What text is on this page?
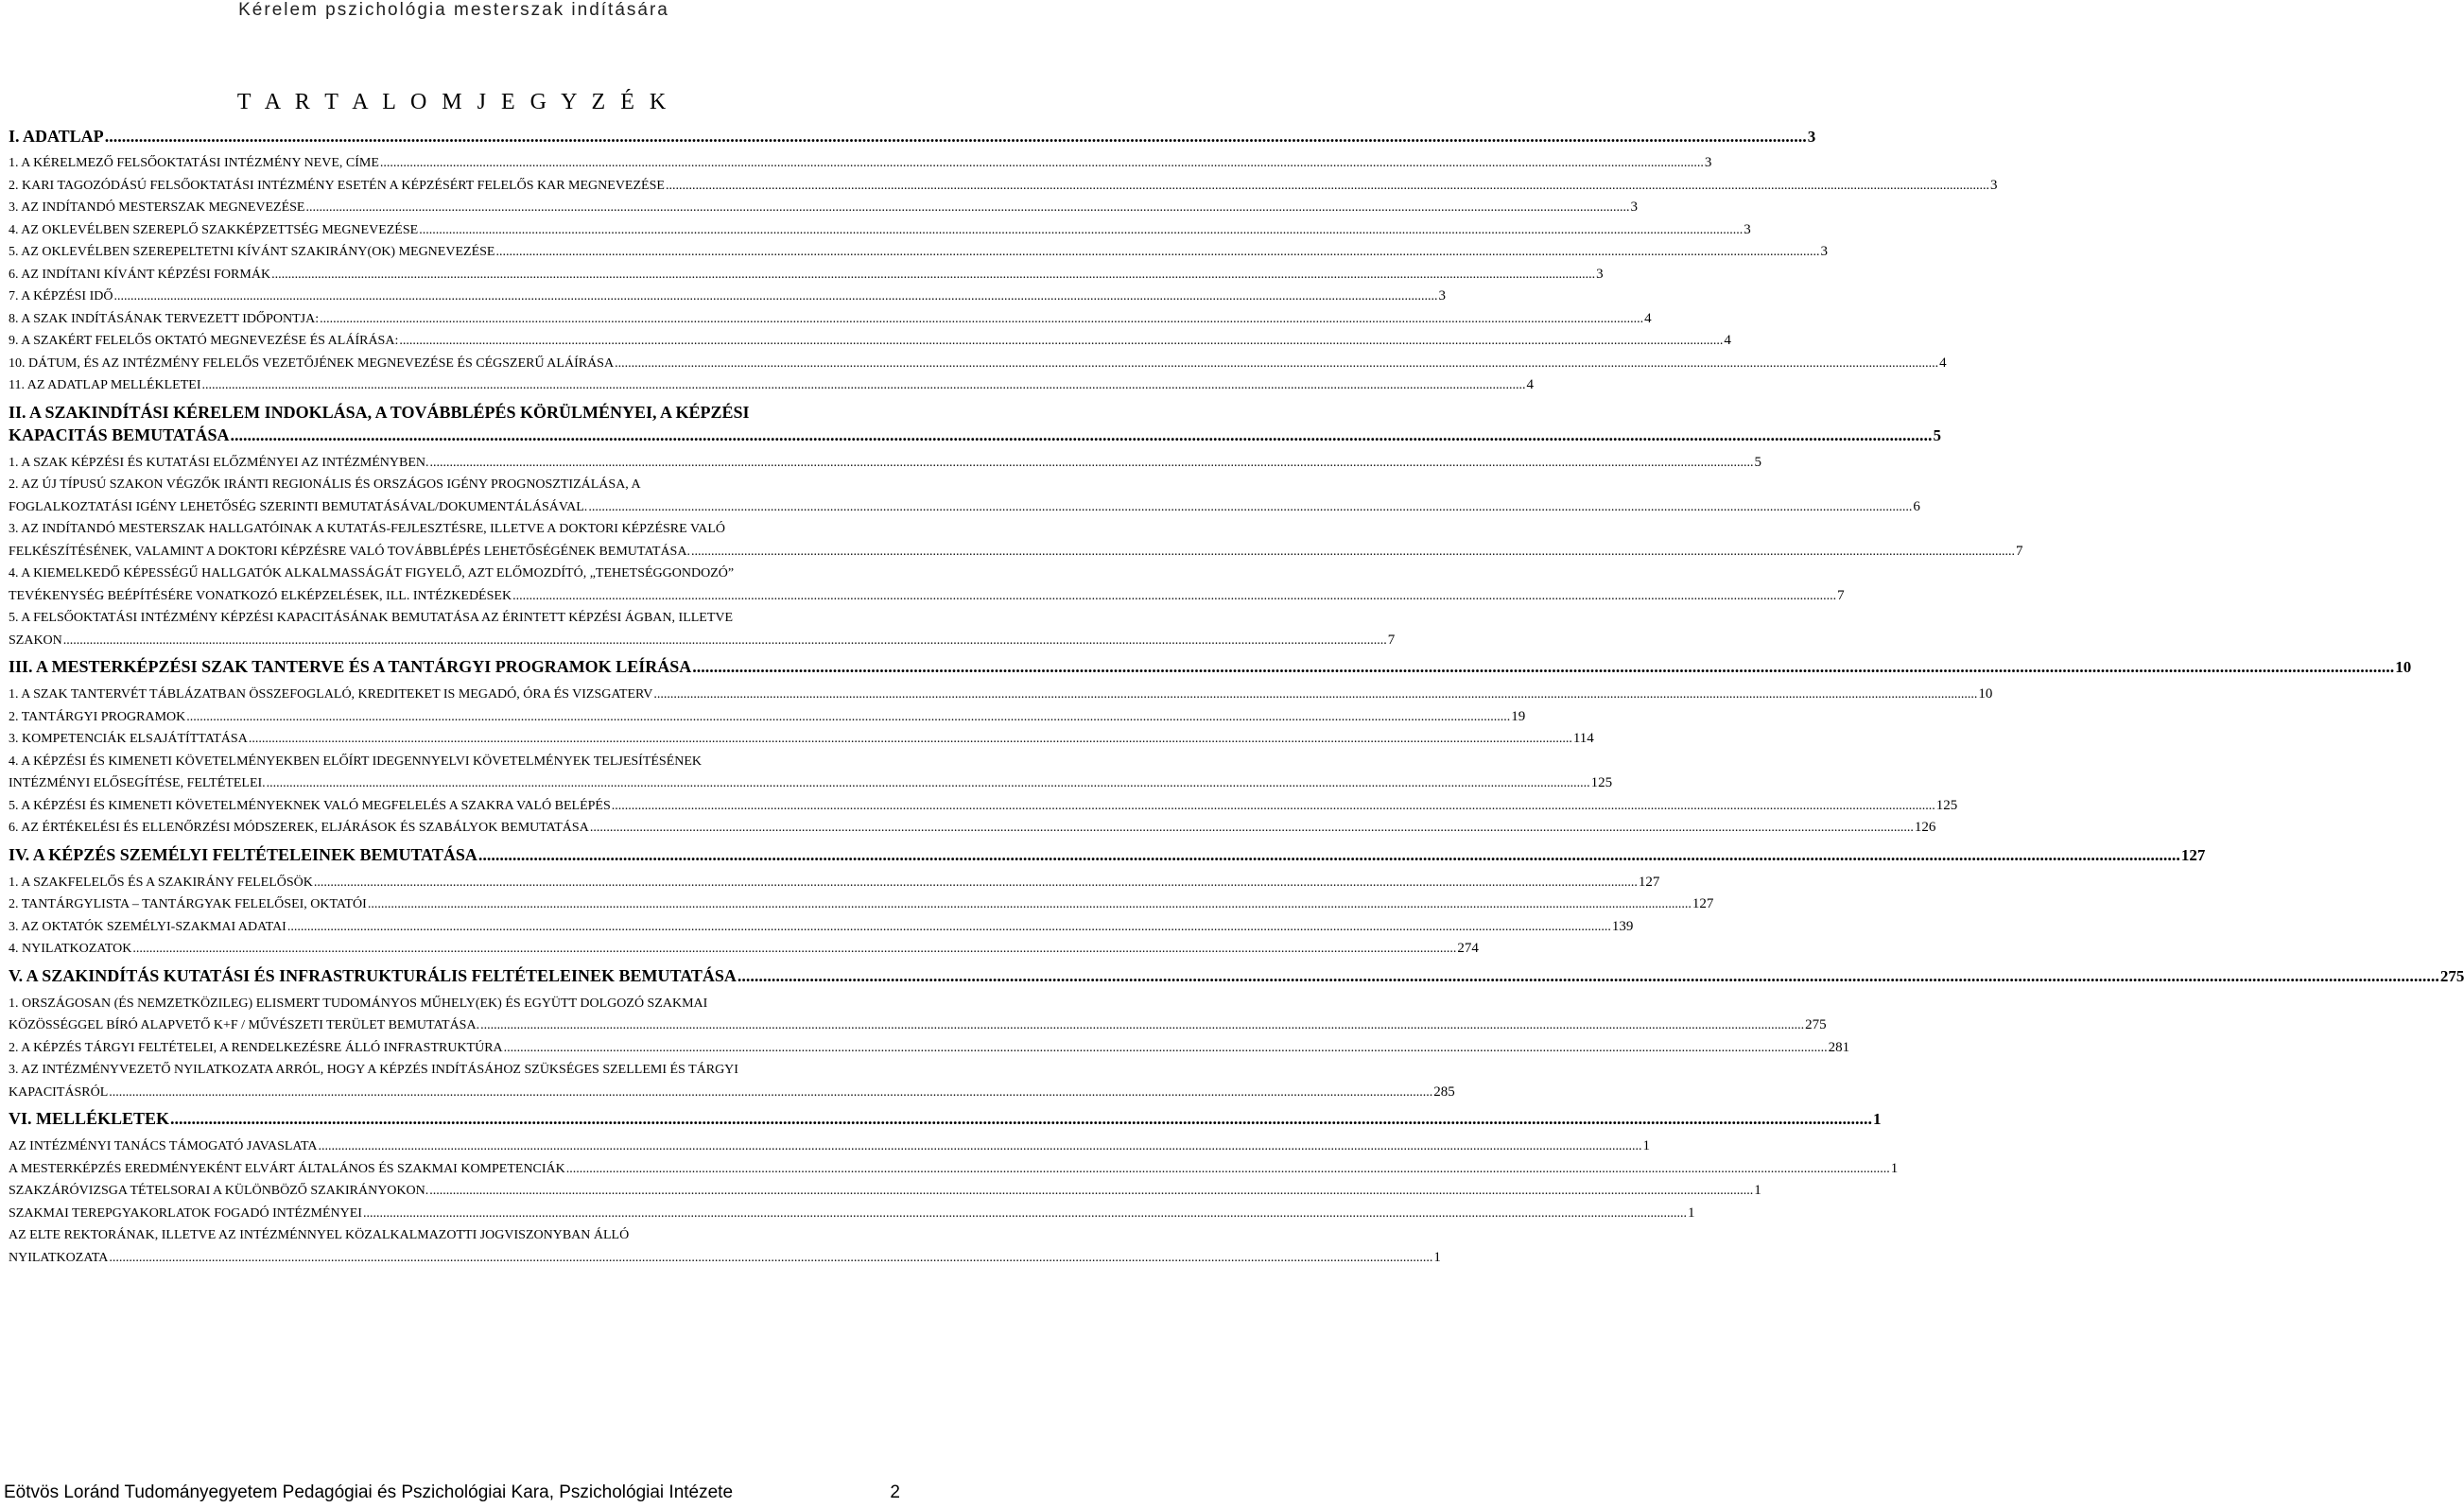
Kérelem pszichológia mesterszak indítására
T A R T A L O M J E G Y Z É K
I. ADATLAP ................................................................................................................................................................................................................................................................................................................................................................................................................ 3
1. A KÉRELMEZŐ FELSŐOKTATÁSI INTÉZMÉNY NEVE, CÍME ................................................................................................................................................................................................................................................................................................................................................................................................................ 3
2. KARI TAGOZÓDÁSÚ FELSŐOKTATÁSI INTÉZMÉNY ESETÉN A KÉPZÉSÉRT FELELŐS KAR MEGNEVEZÉSE ................................................................................................................................................................................................................................................................................................................................................................................................................ 3
3. AZ INDÍTANDÓ MESTERSZAK MEGNEVEZÉSE ................................................................................................................................................................................................................................................................................................................................................................................................................ 3
4. AZ OKLEVÉLBEN SZEREPLŐ SZAKKÉPZETTSÉG MEGNEVEZÉSE ................................................................................................................................................................................................................................................................................................................................................................................................................ 3
5. AZ OKLEVÉLBEN SZEREPELTETNI KÍVÁNT SZAKIRÁNY(OK) MEGNEVEZÉSE ................................................................................................................................................................................................................................................................................................................................................................................................................ 3
6. AZ INDÍTANI KÍVÁNT KÉPZÉSI FORMÁK ................................................................................................................................................................................................................................................................................................................................................................................................................ 3
7. A KÉPZÉSI IDŐ ................................................................................................................................................................................................................................................................................................................................................................................................................ 3
8. A SZAK INDÍTÁSÁNAK TERVEZETT IDŐPONTJA: ................................................................................................................................................................................................................................................................................................................................................................................................................ 4
9. A SZAKÉRT FELELŐS OKTATÓ MEGNEVEZÉSE ÉS ALÁÍRÁSA: ................................................................................................................................................................................................................................................................................................................................................................................................................ 4
10. DÁTUM, ÉS AZ INTÉZMÉNY FELELŐS VEZETŐJÉNEK MEGNEVEZÉSE ÉS CÉGSZERŰ ALÁÍRÁSA ................................................................................................................................................................................................................................................................................................................................................................................................................ 4
11. AZ ADATLAP MELLÉKLETEI ................................................................................................................................................................................................................................................................................................................................................................................................................ 4
II. A SZAKINDÍTÁSI KÉRELEM INDOKLÁSA, A TOVÁBBLÉPÉS KÖRÜLMÉNYEI, A KÉPZÉSI
KAPACITÁS BEMUTATÁSA ................................................................................................................................................................................................................................................................................................................................................................................................................ 5
1. A SZAK KÉPZÉSI ÉS KUTATÁSI ELŐZMÉNYEI AZ INTÉZMÉNYBEN. ................................................................................................................................................................................................................................................................................................................................................................................................................ 5
2. AZ ÚJ TÍPUSÚ SZAKON VÉGZŐK IRÁNTI REGIONÁLIS ÉS ORSZÁGOS IGÉNY PROGNOSZTIZÁLÁSA, A
FOGLALKOZTATÁSI IGÉNY LEHETŐSÉG SZERINTI BEMUTATÁSÁVAL/DOKUMENTÁLÁSÁVAL. ................................................................................................................................................................................................................................................................................................................................................................................................................ 6
3. AZ INDÍTANDÓ MESTERSZAK HALLGATÓINAK A KUTATÁS-FEJLESZTÉSRE, ILLETVE A DOKTORI KÉPZÉSRE VALÓ
FELKÉSZÍTÉSÉNEK, VALAMINT A DOKTORI KÉPZÉSRE VALÓ TOVÁBBLÉPÉS LEHETŐSÉGÉNEK BEMUTATÁSA. ................................................................................................................................................................................................................................................................................................................................................................................................................ 7
4. A KIEMELKEDŐ KÉPESSÉGŰ HALLGATÓK ALKALMASSÁGÁT FIGYELŐ, AZT ELŐMOZDÍTÓ, „TEHETSÉGGONDOZÓ”
TEVÉKENYSÉG BEÉPÍTÉSÉRE VONATKOZÓ ELKÉPZELÉSEK, ILL. INTÉZKEDÉSEK ................................................................................................................................................................................................................................................................................................................................................................................................................ 7
5. A FELSŐOKTATÁSI INTÉZMÉNY KÉPZÉSI KAPACITÁSÁNAK BEMUTATÁSA AZ ÉRINTETT KÉPZÉSI ÁGBAN, ILLETVE
SZAKON ................................................................................................................................................................................................................................................................................................................................................................................................................ 7
III. A MESTERKÉPZÉSI SZAK TANTERVE ÉS A TANTÁRGYI PROGRAMOK LEÍRÁSA ................................................................................................................................................................................................................................................................................................................................................................................................................ 10
1. A SZAK TANTERVÉT TÁBLÁZATBAN ÖSSZEFOGLALÓ, KREDITEKET IS MEGADÓ, ÓRA ÉS VIZSGATERV ................................................................................................................................................................................................................................................................................................................................................................................................................ 10
2. TANTÁRGYI PROGRAMOK ................................................................................................................................................................................................................................................................................................................................................................................................................ 19
3. KOMPETENCIÁK ELSAJÁTÍTTATÁSA ................................................................................................................................................................................................................................................................................................................................................................................................................ 114
4. A KÉPZÉSI ÉS KIMENETI KÖVETELMÉNYEKBEN ELŐÍRT IDEGENNYELVI KÖVETELMÉNYEK TELJESÍTÉSÉNEK
INTÉZMÉNYI ELŐSEGÍTÉSE, FELTÉTELEI. ................................................................................................................................................................................................................................................................................................................................................................................................................ 125
5. A KÉPZÉSI ÉS KIMENETI KÖVETELMÉNYEKNEK VALÓ MEGFELELÉS A SZAKRA VALÓ BELÉPÉS ................................................................................................................................................................................................................................................................................................................................................................................................................ 125
6. AZ ÉRTÉKELÉSI ÉS ELLENŐRZÉSI MÓDSZEREK, ELJÁRÁSOK ÉS SZABÁLYOK BEMUTATÁSA ................................................................................................................................................................................................................................................................................................................................................................................................................ 126
IV. A KÉPZÉS SZEMÉLYI FELTÉTELEINEK BEMUTATÁSA ................................................................................................................................................................................................................................................................................................................................................................................................................ 127
1. A SZAKFELELŐS ÉS A SZAKIRÁNY FELELŐSÖK ................................................................................................................................................................................................................................................................................................................................................................................................................ 127
2. TANTÁRGYLISTA – TANTÁRGYAK FELELŐSEI, OKTATÓI ................................................................................................................................................................................................................................................................................................................................................................................................................ 127
3. AZ OKTATÓK SZEMÉLYI-SZAKMAI ADATAI ................................................................................................................................................................................................................................................................................................................................................................................................................ 139
4. NYILATKOZATOK ................................................................................................................................................................................................................................................................................................................................................................................................................ 274
V. A SZAKINDÍTÁS KUTATÁSI ÉS INFRASTRUKTURÁLIS FELTÉTELEINEK BEMUTATÁSA ................................................................................................................................................................................................................................................................................................................................................................................................................ 275
1. ORSZÁGOSAN (ÉS NEMZETKÖZILEG) ELISMERT TUDOMÁNYOS MŰHELY(EK) ÉS EGYÜTT DOLGOZÓ SZAKMAI
KÖZÖSSÉGGEL BÍRÓ ALAPVETŐ K+F / MŰVÉSZETI TERÜLET BEMUTATÁSA. ................................................................................................................................................................................................................................................................................................................................................................................................................ 275
2. A KÉPZÉS TÁRGYI FELTÉTELEI, A RENDELKEZÉSRE ÁLLÓ INFRASTRUKTÚRA ................................................................................................................................................................................................................................................................................................................................................................................................................ 281
3. AZ INTÉZMÉNYVEZETŐ NYILATKOZATA ARRÓL, HOGY A KÉPZÉS INDÍTÁSÁHOZ SZÜKSÉGES SZELLEMI ÉS TÁRGYI
KAPACITÁSRÓL ................................................................................................................................................................................................................................................................................................................................................................................................................ 285
VI. MELLÉKLETEK ................................................................................................................................................................................................................................................................................................................................................................................................................ 1
AZ INTÉZMÉNYI TANÁCS TÁMOGATÓ JAVASLATA ................................................................................................................................................................................................................................................................................................................................................................................................................ 1
A MESTERKÉPZÉS EREDMÉNYEKÉNT ELVÁRT ÁLTALÁNOS ÉS SZAKMAI KOMPETENCIÁK ................................................................................................................................................................................................................................................................................................................................................................................................................ 1
SZAKZÁRÓVIZSGA TÉTELSORAI A KÜLÖNBÖZŐ SZAKIRÁNYOKON. ................................................................................................................................................................................................................................................................................................................................................................................................................ 1
SZAKMAI TEREPGYAKORLATOK FOGADÓ INTÉZMÉNYEI ................................................................................................................................................................................................................................................................................................................................................................................................................ 1
AZ ELTE REKTORÁNAK, ILLETVE AZ INTÉZMÉNNYEL KÖZALKALMAZOTTI JOGVISZONYBAN ÁLLÓ
NYILATKOZATA ................................................................................................................................................................................................................................................................................................................................................................................................................ 1
Eötvös Loránd Tudományegyetem Pedagógiai és Pszichológiai Kara, Pszichológiai Intézete	2
